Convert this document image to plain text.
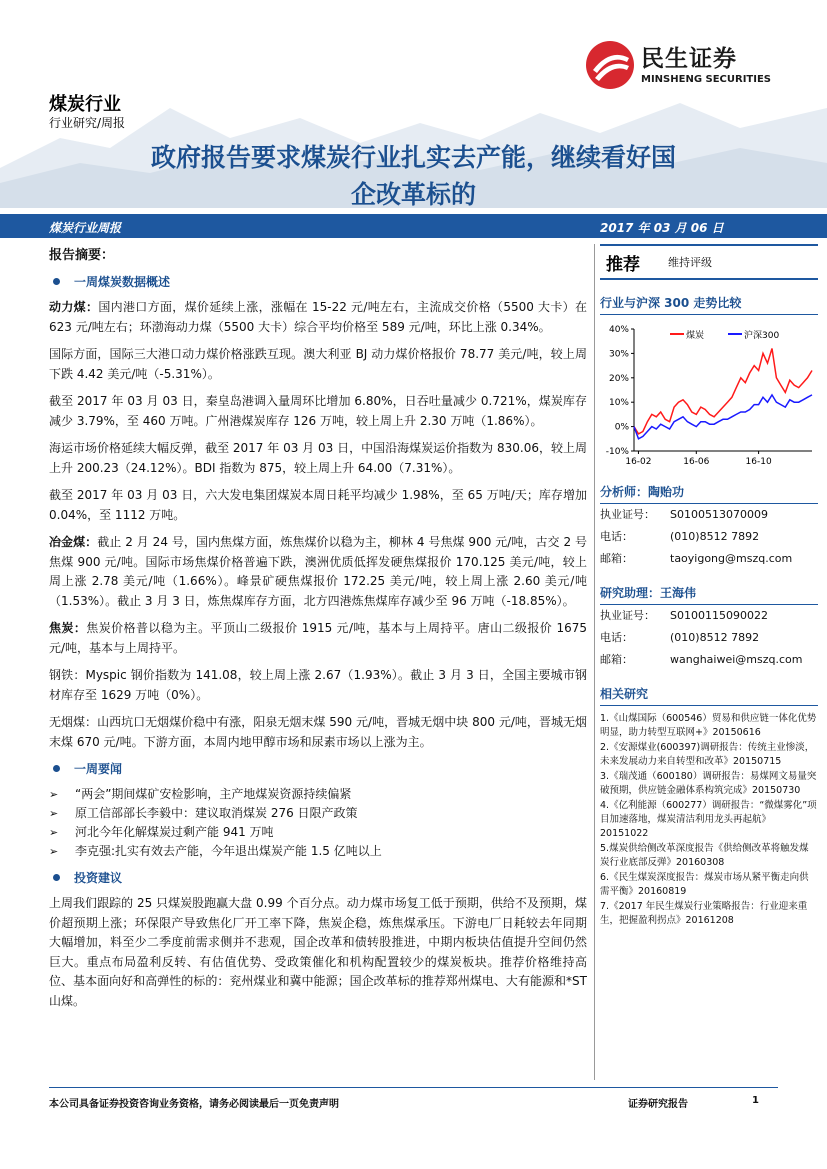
民生证券
MINSHENG SECURITIES
煤炭行业
行业研究/周报
政府报告要求煤炭行业扎实去产能，继续看好国
企改革标的
煤炭行业周报	2017 年 03 月 06 日
报告摘要：
一周煤炭数据概述
动力煤：国内港口方面，煤价延续上涨，涨幅在 15-22 元/吨左右，主流成交价格（5500 大卡）在 623 元/吨左右；环渤海动力煤（5500 大卡）综合平均价格至 589 元/吨，环比上涨 0.34%。
国际方面，国际三大港口动力煤价格涨跌互现。澳大利亚 BJ 动力煤价格报价 78.77 美元/吨，较上周下跌 4.42 美元/吨（-5.31%）。
截至 2017 年 03 月 03 日，秦皇岛港调入量周环比增加 6.80%，日吞吐量减少 0.721%，煤炭库存减少 3.79%，至 460 万吨。广州港煤炭库存 126 万吨，较上周上升 2.30 万吨（1.86%）。
海运市场价格延续大幅反弹，截至 2017 年 03 月 03 日，中国沿海煤炭运价指数为 830.06，较上周上升 200.23（24.12%）。BDI 指数为 875，较上周上升 64.00（7.31%）。
截至 2017 年 03 月 03 日，六大发电集团煤炭本周日耗平均减少 1.98%，至 65 万吨/天；库存增加 0.04%，至 1112 万吨。
冶金煤：截止 2 月 24 号，国内焦煤方面，炼焦煤价以稳为主，柳林 4 号焦煤 900 元/吨，古交 2 号焦煤 900 元/吨。国际市场焦煤价格普遍下跌，澳洲优质低挥发硬焦煤报价 170.125 美元/吨，较上周上涨 2.78 美元/吨（1.66%）。峰景矿硬焦煤报价 172.25 美元/吨，较上周上涨 2.60 美元/吨（1.53%）。截止 3 月 3 日，炼焦煤库存方面，北方四港炼焦煤库存减少至 96 万吨（-18.85%）。
焦炭：焦炭价格普以稳为主。平顶山二级报价 1915 元/吨，基本与上周持平。唐山二级报价 1675 元/吨，基本与上周持平。
钢铁：Myspic 钢价指数为 141.08，较上周上涨 2.67（1.93%）。截止 3 月 3 日，全国主要城市钢材库存至 1629 万吨（0%）。
无烟煤：山西坑口无烟煤价稳中有涨，阳泉无烟末煤 590 元/吨，晋城无烟中块 800 元/吨，晋城无烟末煤 670 元/吨。下游方面，本周内地甲醇市场和尿素市场以上涨为主。
一周要闻
➢	“两会”期间煤矿安检影响，主产地煤炭资源持续偏紧
➢	原工信部部长李毅中：建议取消煤炭 276 日限产政策
➢	河北今年化解煤炭过剩产能 941 万吨
➢	李克强:扎实有效去产能，今年退出煤炭产能 1.5 亿吨以上
投资建议
上周我们跟踪的 25 只煤炭股跑赢大盘 0.99 个百分点。动力煤市场复工低于预期，供给不及预期，煤价超预期上涨；环保限产导致焦化厂开工率下降，焦炭企稳，炼焦煤承压。下游电厂日耗较去年同期大幅增加，料至少二季度前需求侧并不悲观，国企改革和债转股推进，中期内板块估值提升空间仍然巨大。重点布局盈利反转、有估值优势、受政策催化和机构配置较少的煤炭板块。推荐价格维持高位、基本面向好和高弹性的标的：兖州煤业和冀中能源；国企改革标的推荐郑州煤电、大有能源和*ST 山煤。
推荐	维持评级
行业与沪深 300 走势比较
40%
30%
20%
10%
0%
-10%
16-02	16-06	16-10
煤炭	沪深300
分析师：陶贻功
执业证号： S0100513070009
电话：	(010)8512 7892
邮箱：	taoyigong@mszq.com
研究助理：王海伟
执业证号： S0100115090022
电话：	(010)8512 7892
邮箱：	wanghaiwei@mszq.com
相关研究
1.《山煤国际（600546）贸易和供应链一体化优势明显，助力转型互联网+》20150616
2.《安源煤业(600397)调研报告：传统主业惨淡，未来发展动力来自转型和改革》20150715
3.《瑞茂通（600180）调研报告：易煤网文易量突破预期，供应链金融体系构筑完成》20150730
4.《亿利能源（600277）调研报告：“微煤雾化”项目加速落地，煤炭清洁利用龙头再起航》20151022
5.煤炭供给侧改革深度报告《供给侧改革将触发煤炭行业底部反弹》20160308
6.《民生煤炭深度报告：煤炭市场从紧平衡走向供需平衡》20160819
7.《2017 年民生煤炭行业策略报告：行业迎来重生，把握盈利拐点》20161208
本公司具备证券投资咨询业务资格，请务必阅读最后一页免责声明	证券研究报告	1
